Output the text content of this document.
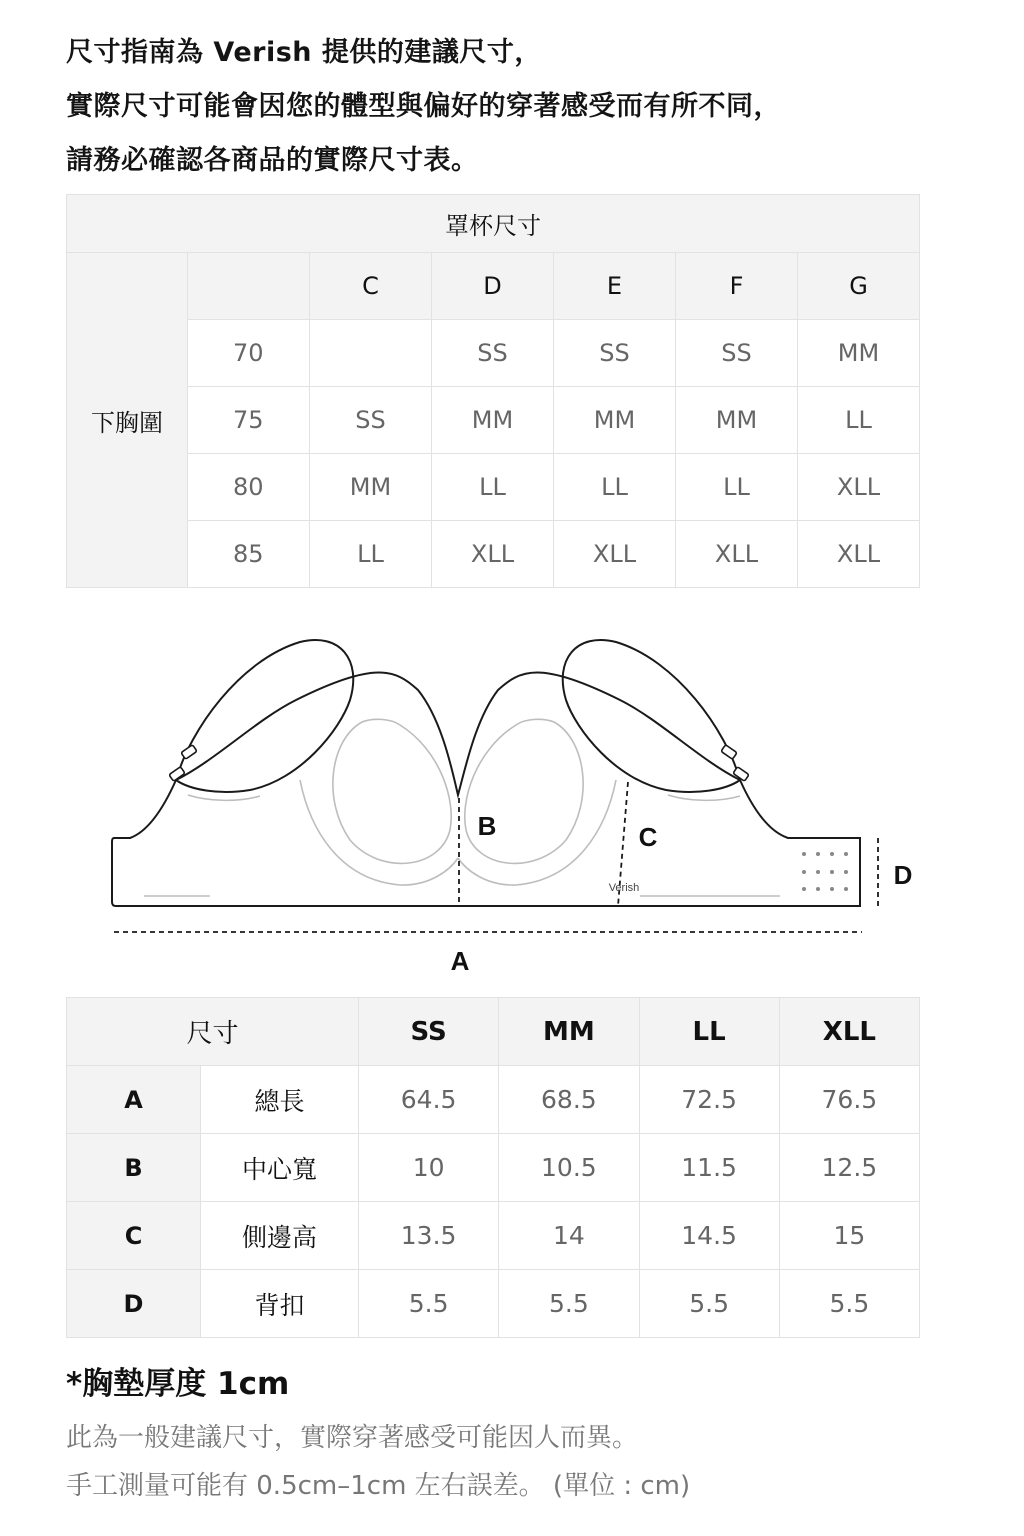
尺寸指南為 Verish 提供的建議尺寸，

實際尺寸可能會因您的體型與偏好的穿著感受而有所不同，

請務必確認各商品的實際尺寸表。

罩杯尺寸						
下胸圍		C	D	E	F	G
	70		SS	SS	SS	MM
	75	SS	MM	MM	MM	LL
	80	MM	LL	LL	LL	XLL
	85	LL	XLL	XLL	XLL	XLL
A
B	C
D
Verish
尺寸		SS	MM	LL	XLL
A	總長	64.5	68.5	72.5	76.5
B	中心寬	10	10.5	11.5	12.5
C	側邊高	13.5	14	14.5	15
D	背扣	5.5	5.5	5.5	5.5
*胸墊厚度 1cm
此為一般建議尺寸，實際穿著感受可能因人而異。
手工測量可能有 0.5cm–1cm 左右誤差。 (單位 : cm)
